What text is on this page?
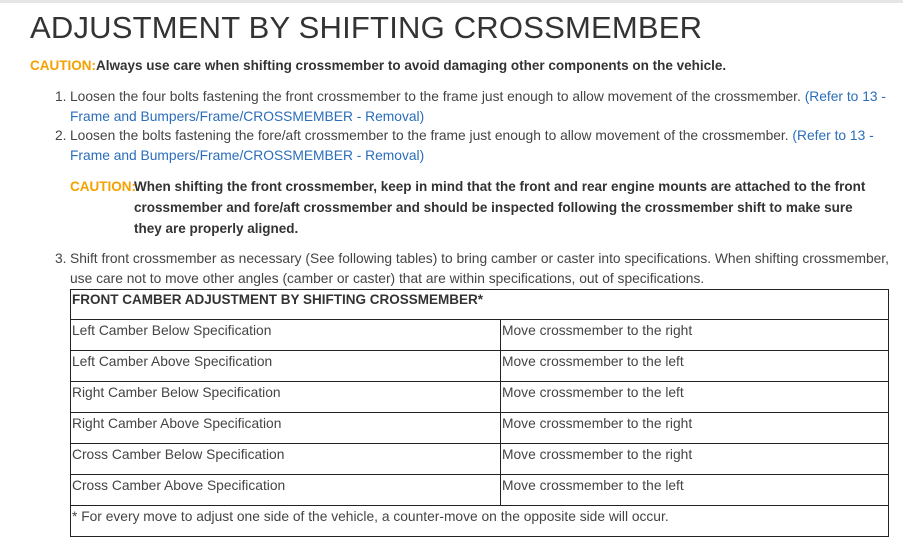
ADJUSTMENT BY SHIFTING CROSSMEMBER
CAUTION:Always use care when shifting crossmember to avoid damaging other components on the vehicle.
1. Loosen the four bolts fastening the front crossmember to the frame just enough to allow movement of the crossmember. (Refer to 13 - Frame and Bumpers/Frame/CROSSMEMBER - Removal)
2. Loosen the bolts fastening the fore/aft crossmember to the frame just enough to allow movement of the crossmember. (Refer to 13 - Frame and Bumpers/Frame/CROSSMEMBER - Removal)
3. Shift front crossmember as necessary (See following tables) to bring camber or caster into specifications. When shifting crossmember, use care not to move other angles (camber or caster) that are within specifications, out of specifications.
CAUTION:
When shifting the front crossmember, keep in mind that the front and rear engine mounts are attached to the front crossmember and fore/aft crossmember and should be inspected following the crossmember shift to make sure they are properly aligned.
FRONT CAMBER ADJUSTMENT BY SHIFTING CROSSMEMBER*	
Left Camber Below Specification	Move crossmember to the right
Left Camber Above Specification	Move crossmember to the left
Right Camber Below Specification	Move crossmember to the left
Right Camber Above Specification	Move crossmember to the right
Cross Camber Below Specification	Move crossmember to the right
Cross Camber Above Specification	Move crossmember to the left
* For every move to adjust one side of the vehicle, a counter-move on the opposite side will occur.	
